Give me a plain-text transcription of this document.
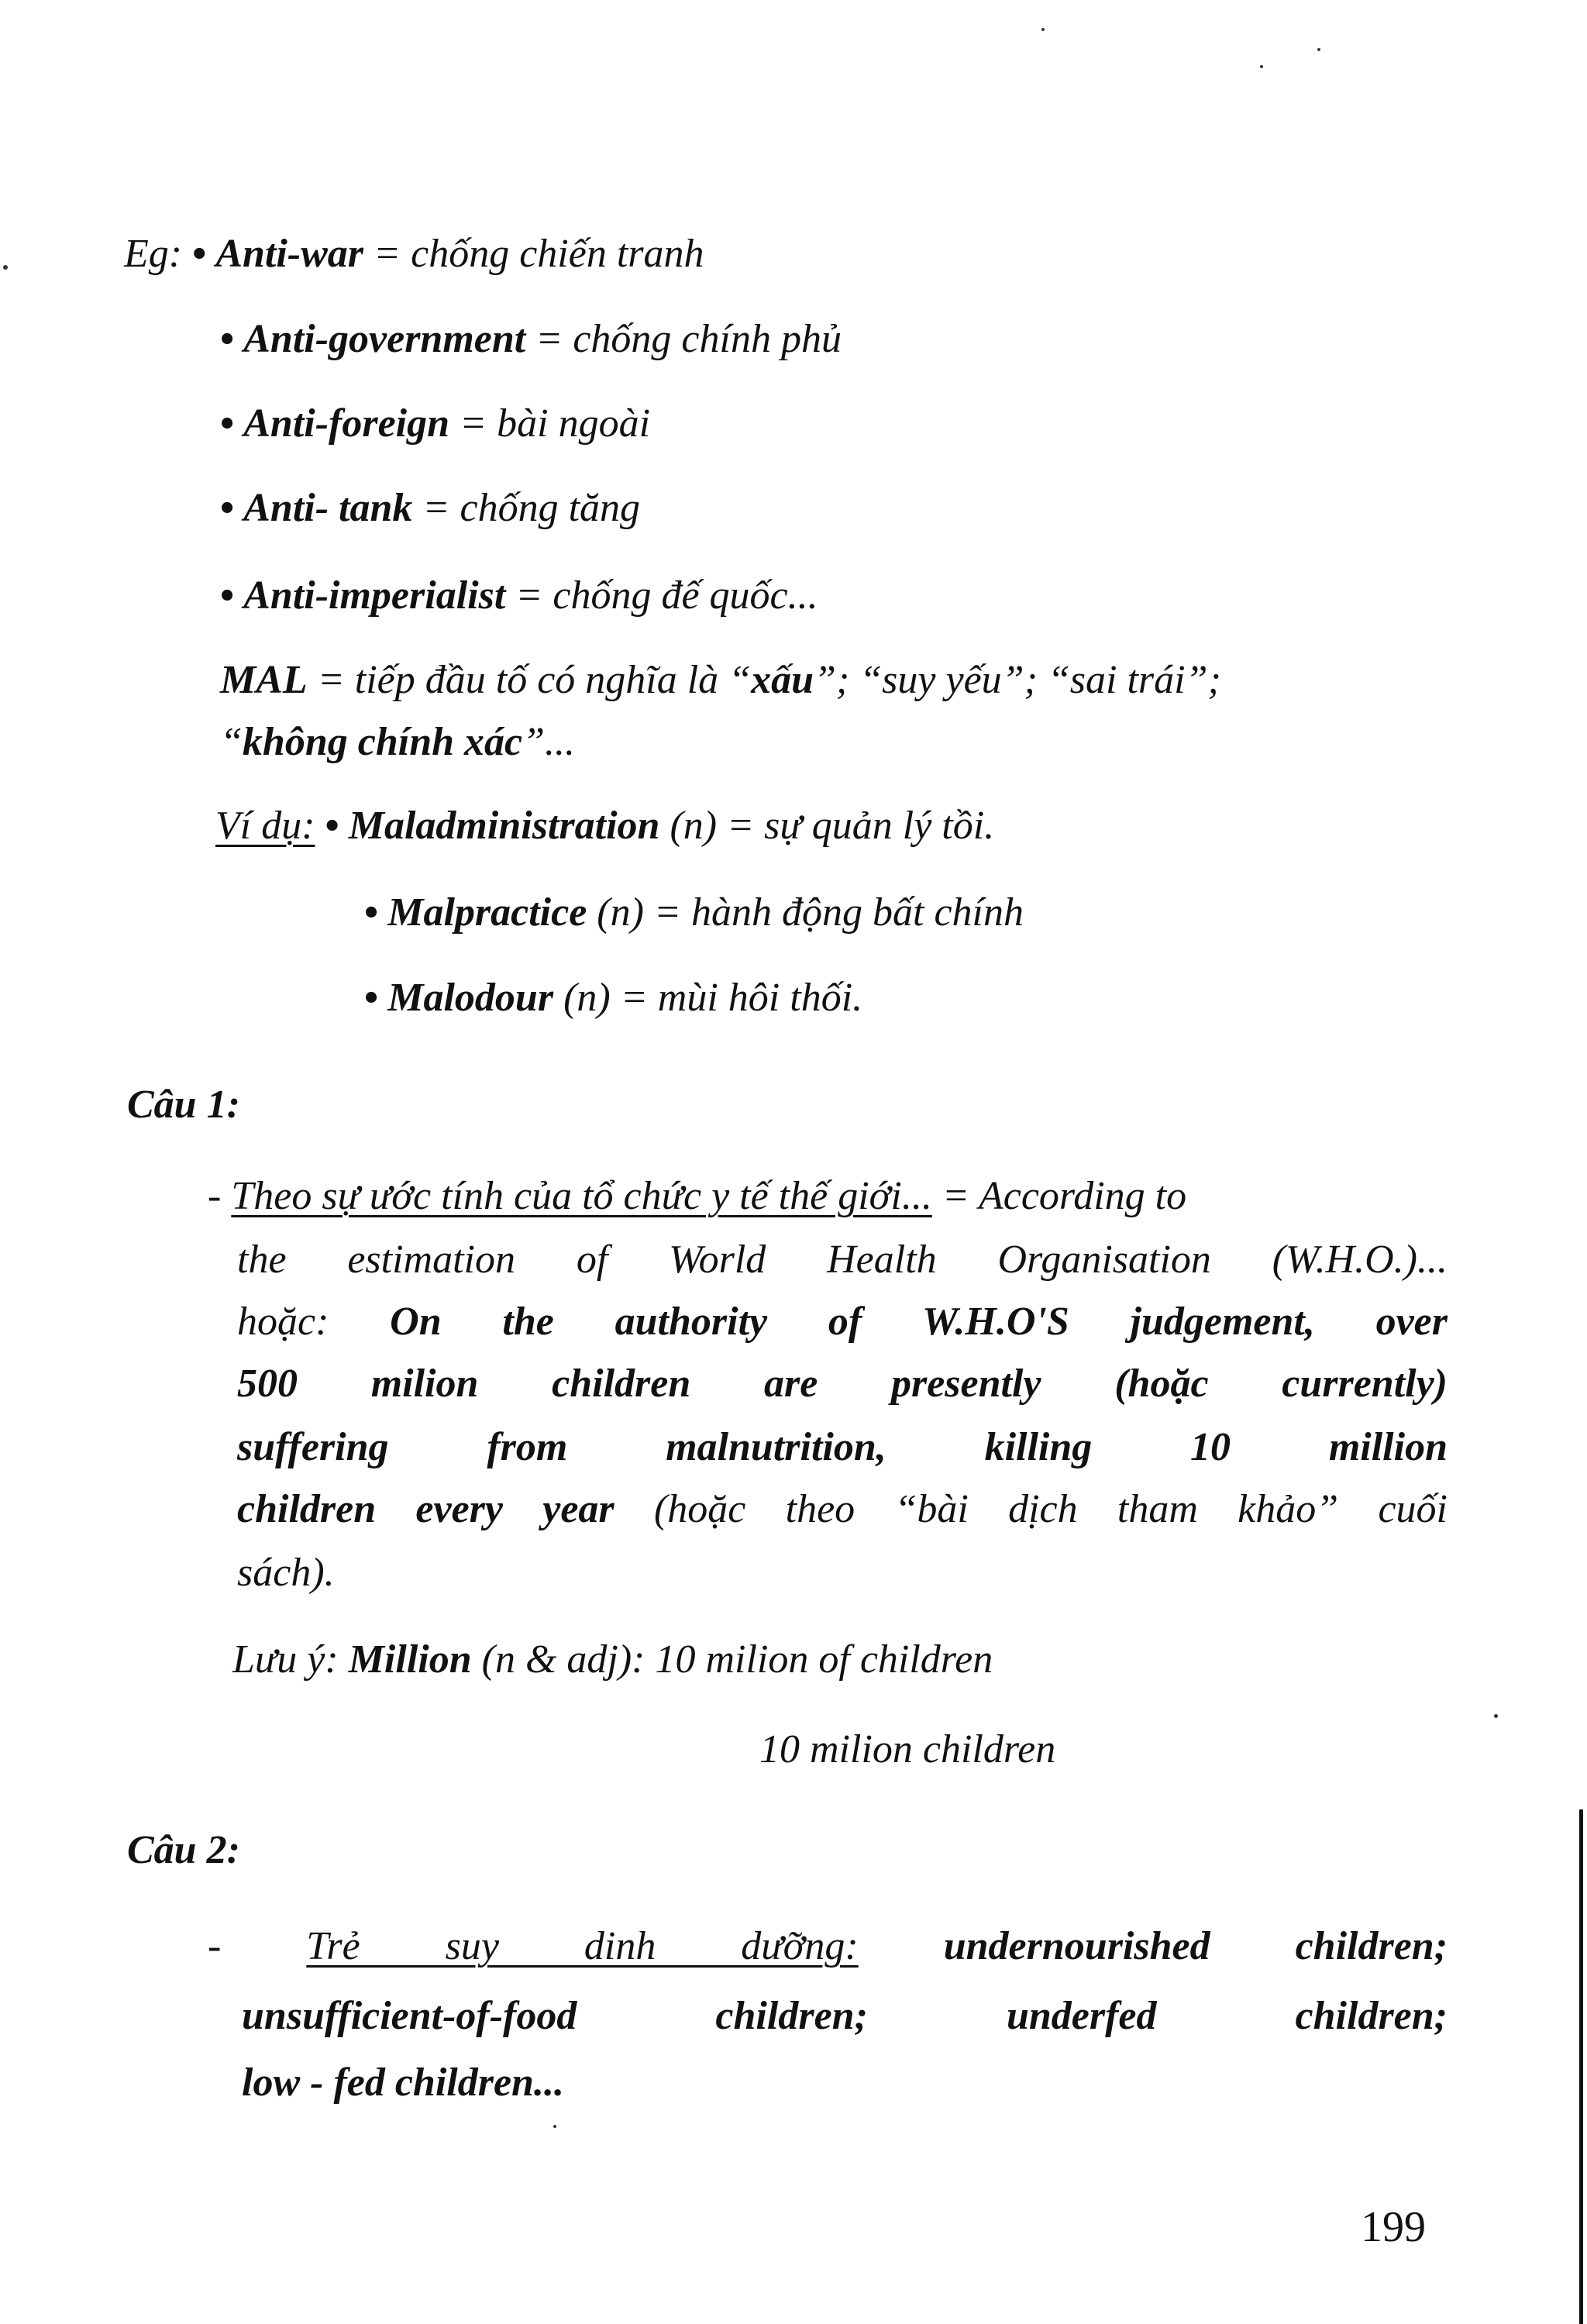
Eg: • Anti-war = chống chiến tranh
• Anti-government = chống chính phủ
• Anti-foreign = bài ngoài
• Anti- tank = chống tăng
• Anti-imperialist = chống đế quốc...
MAL = tiếp đầu tố có nghĩa là “xấu”; “suy yếu”; “sai trái”;
“không chính xác”...
Ví dụ: • Maladministration (n) = sự quản lý tồi.
• Malpractice (n) = hành động bất chính
• Malodour (n) = mùi hôi thối.
Câu 1:
- Theo sự ước tính của tổ chức y tế thế giới... = According to
the estimation of World Health Organisation (W.H.O.)...
hoặc: On the authority of W.H.O'S judgement, over
500 milion children are presently (hoặc currently)
suffering from malnutrition, killing 10 million
children every year (hoặc theo “bài dịch tham khảo” cuối
sách).
Lưu ý: Million (n & adj): 10 milion of children
10 milion children
Câu 2:
- Trẻ suy dinh dưỡng: undernourished children;
unsufficient-of-food children; underfed children;
low - fed children...
199
